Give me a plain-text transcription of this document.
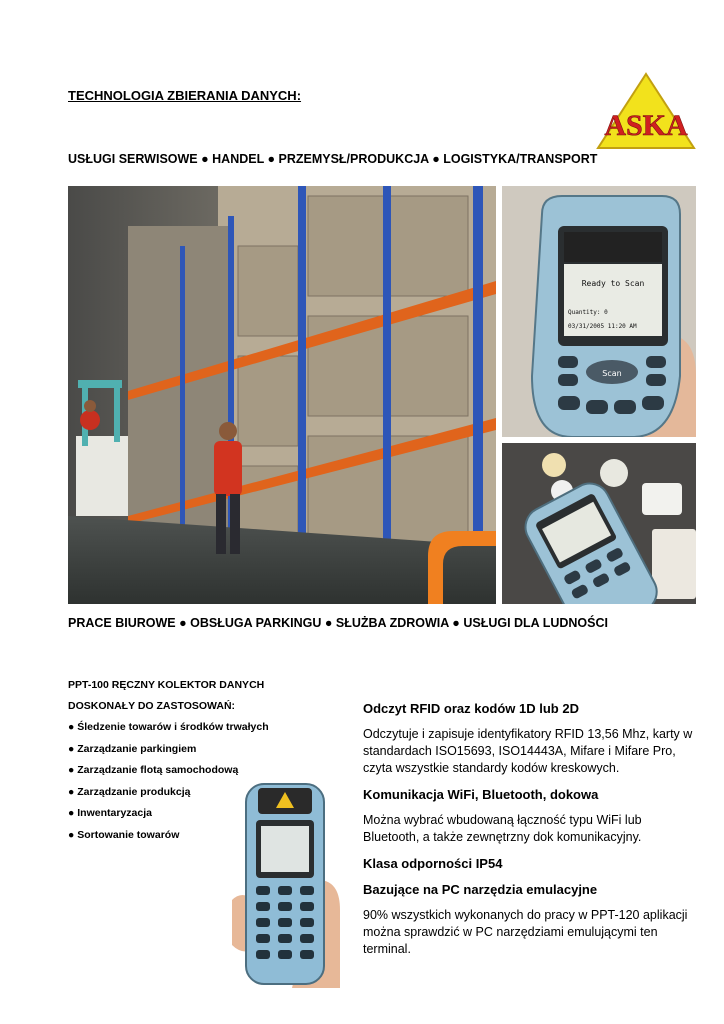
TECHNOLOGIA ZBIERANIA DANYCH:
ASKA
USŁUGI SERWISOWE ● HANDEL ● PRZEMYSŁ/PRODUKCJA ● LOGISTYKA/TRANSPORT
Ready to Scan
Quantity: 0
03/31/2005 11:20 AM
Scan
PRACE BIUROWE ● OBSŁUGA PARKINGU ● SŁUŻBA ZDROWIA ● USŁUGI DLA LUDNOŚCI
PPT-100 RĘCZNY KOLEKTOR DANYCH
DOSKONAŁY DO ZASTOSOWAŃ:
● Śledzenie towarów i środków trwałych
● Zarządzanie parkingiem
● Zarządzanie flotą samochodową
● Zarządzanie produkcją
● Inwentaryzacja
● Sortowanie towarów
Odczyt RFID oraz kodów 1D lub 2D

Odczytuje i zapisuje identyfikatory RFID 13,56 Mhz, karty w standardach ISO15693, ISO14443A, Mifare i Mifare Pro, czyta wszystkie standardy kodów kreskowych.

Komunikacja WiFi, Bluetooth, dokowa

Można wybrać wbudowaną łączność typu WiFi lub Bluetooth, a także zewnętrzny dok komunikacyjny.

Klasa odporności IP54
Bazujące na PC narzędzia emulacyjne

90% wszystkich wykonanych do pracy w PPT-120 aplikacji można sprawdzić w PC narzędziami emulującymi ten terminal.
